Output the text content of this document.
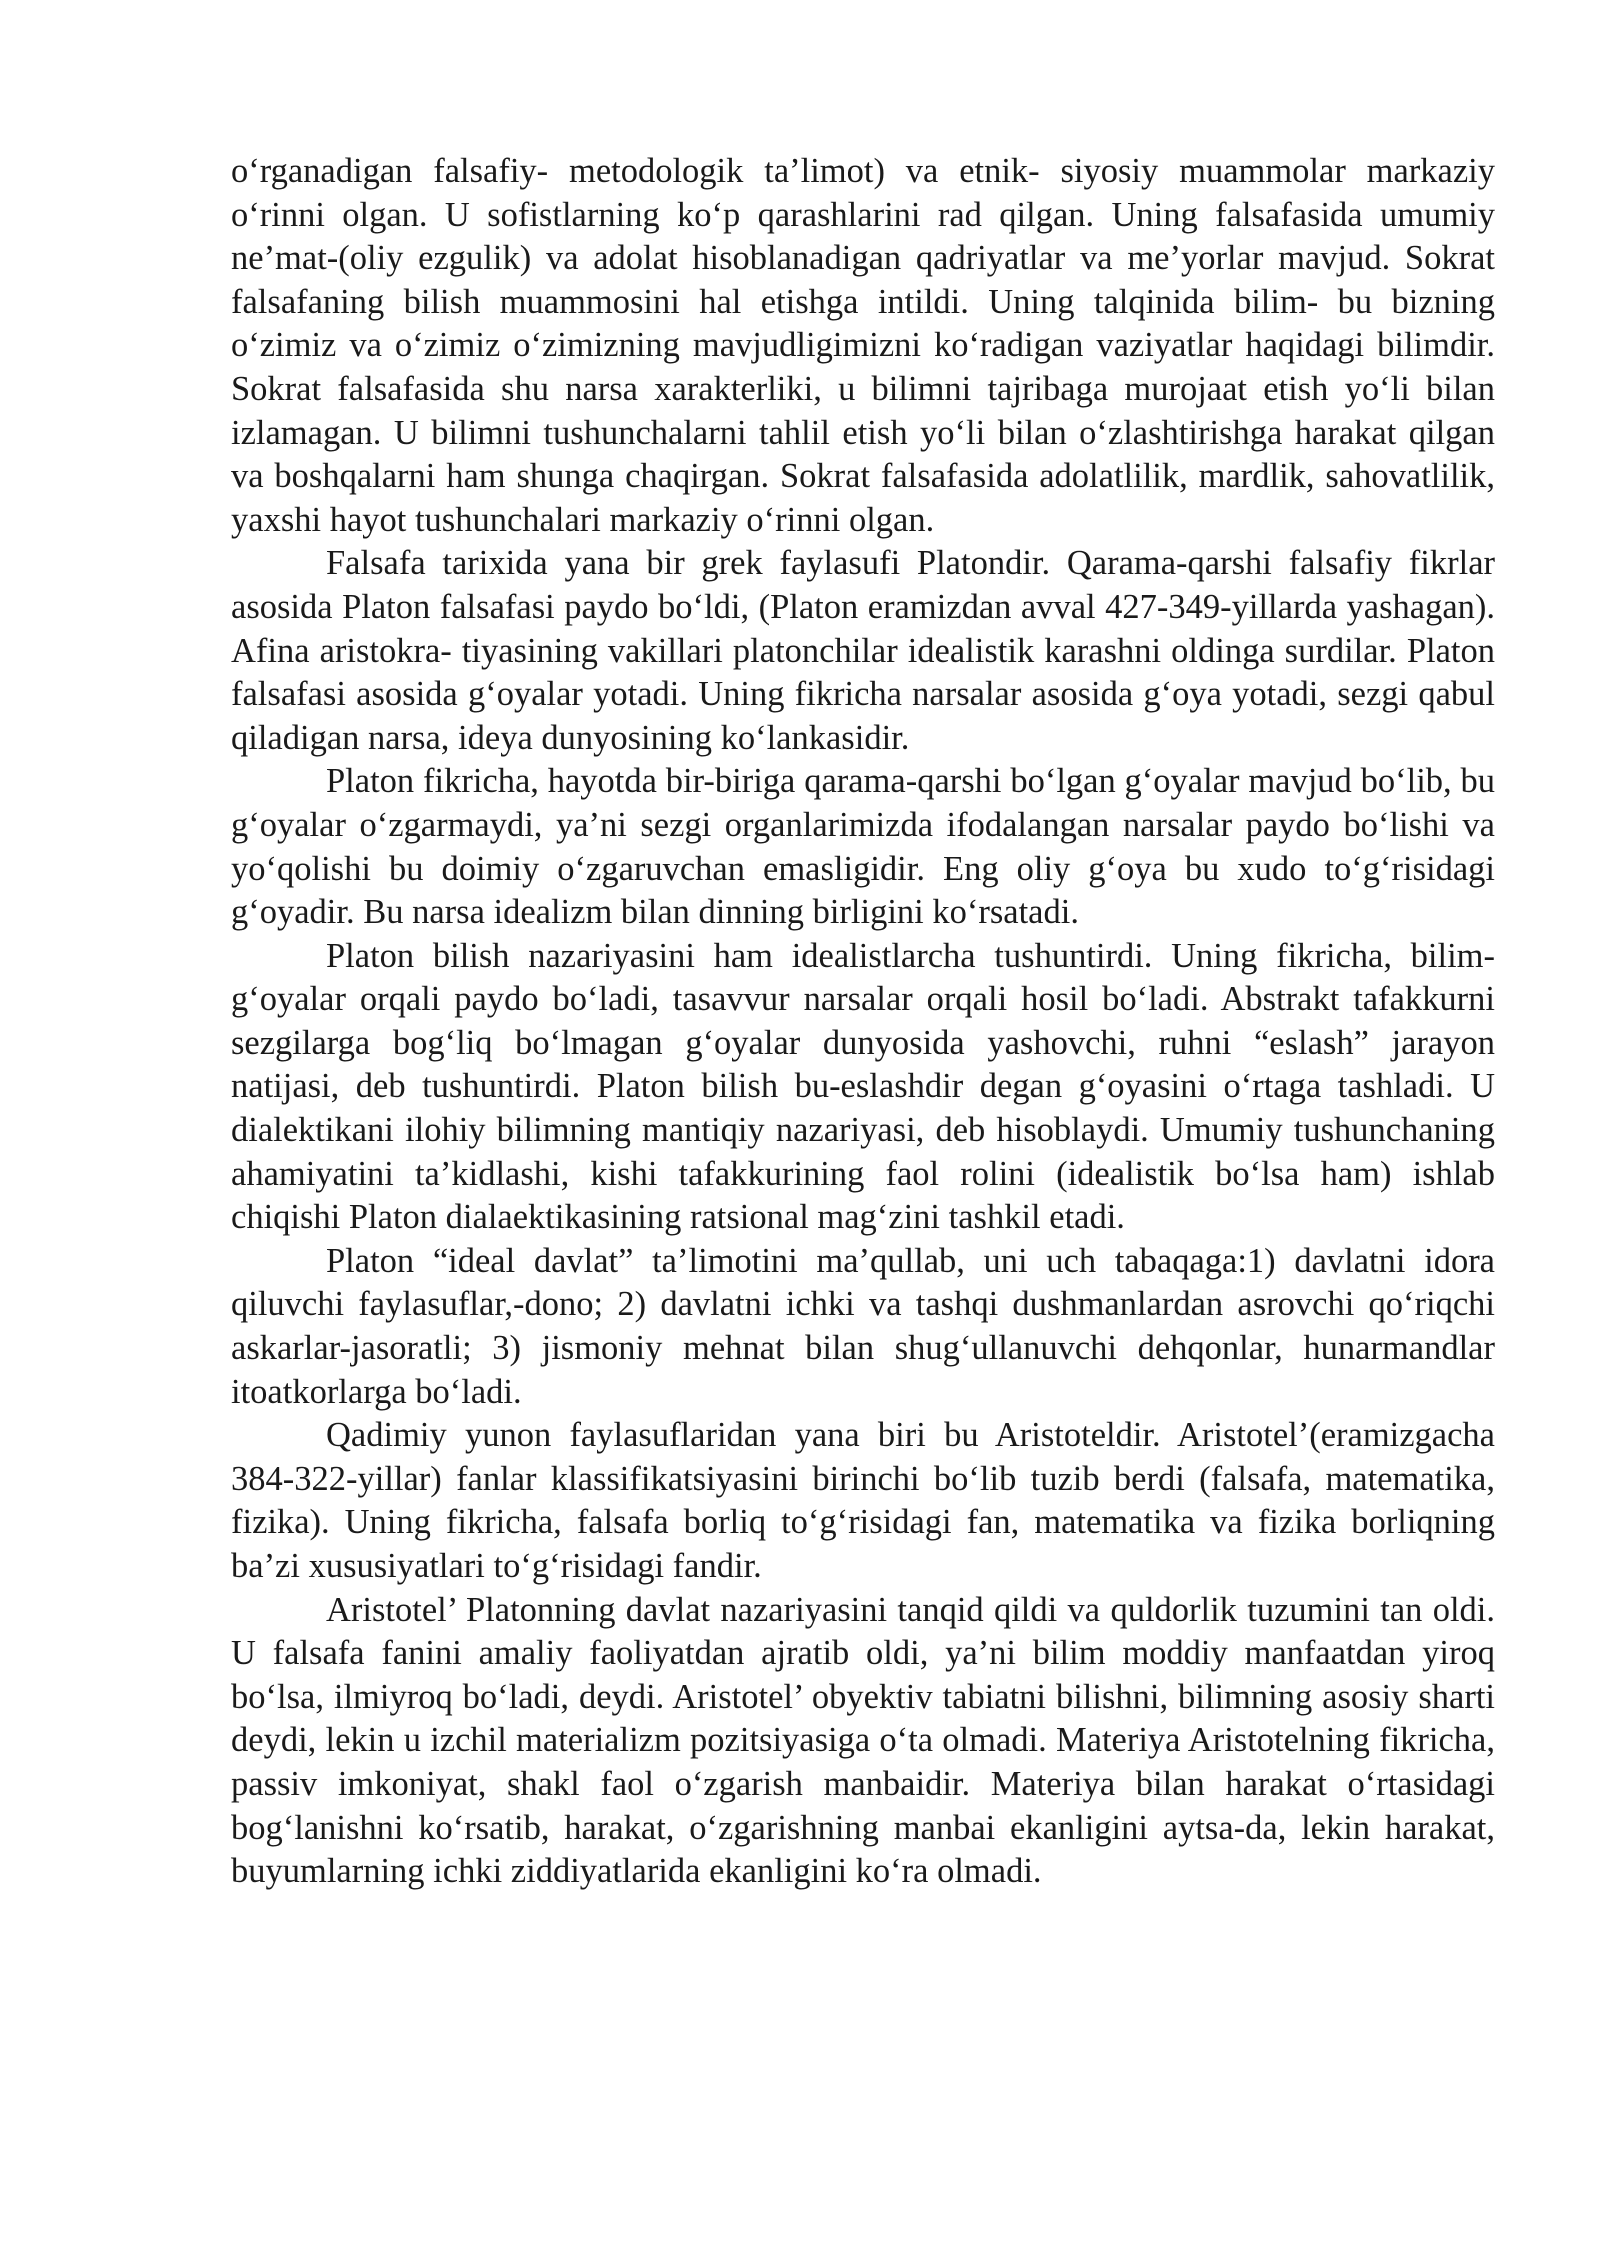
o‘rganadigan falsafiy- metodologik ta’limot) va etnik- siyosiy muammolar markaziy o‘rinni olgan. U sofistlarning ko‘p qarashlarini rad qilgan. Uning falsafasida umumiy ne’mat-(oliy ezgulik) va adolat hisoblanadigan qadriyatlar va me’yorlar mavjud. Sokrat falsafaning bilish muammosini hal etishga intildi. Uning talqinida bilim- bu bizning o‘zimiz va o‘zimiz o‘zimizning mavjudligimizni ko‘radigan vaziyatlar haqidagi bilimdir. Sokrat falsafasida shu narsa xarakterliki, u bilimni tajribaga murojaat etish yo‘li bilan izlamagan. U bilimni tushunchalarni tahlil etish yo‘li bilan o‘zlashtirishga harakat qilgan va boshqalarni ham shunga chaqirgan. Sokrat falsafasida adolatlilik, mardlik, sahovatlilik, yaxshi hayot tushunchalari markaziy o‘rinni olgan.

Falsafa tarixida yana bir grek faylasufi Platondir. Qarama-qarshi falsafiy fikrlar asosida Platon falsafasi paydo bo‘ldi, (Platon eramizdan avval 427-349-yillarda yashagan). Afina aristokra- tiyasining vakillari platonchilar idealistik karashni oldinga surdilar. Platon falsafasi asosida g‘oyalar yotadi. Uning fikricha narsalar asosida g‘oya yotadi, sezgi qabul qiladigan narsa, ideya dunyosining ko‘lankasidir.

Platon fikricha, hayotda bir-biriga qarama-qarshi bo‘lgan g‘oyalar mavjud bo‘lib, bu g‘oyalar o‘zgarmaydi, ya’ni sezgi organlarimizda ifodalangan narsalar paydo bo‘lishi va yo‘qolishi bu doimiy o‘zgaruvchan emasligidir. Eng oliy g‘oya bu xudo to‘g‘risidagi g‘oyadir. Bu narsa idealizm bilan dinning birligini ko‘rsatadi.

Platon bilish nazariyasini ham idealistlarcha tushuntirdi. Uning fikricha, bilim-g‘oyalar orqali paydo bo‘ladi, tasavvur narsalar orqali hosil bo‘ladi. Abstrakt tafakkurni sezgilarga bog‘liq bo‘lmagan g‘oyalar dunyosida yashovchi, ruhni “eslash” jarayon natijasi, deb tushuntirdi. Platon bilish bu-eslashdir degan g‘oyasini o‘rtaga tashladi. U dialektikani ilohiy bilimning mantiqiy nazariyasi, deb hisoblaydi. Umumiy tushunchaning ahamiyatini ta’kidlashi, kishi tafakkurining faol rolini (idealistik bo‘lsa ham) ishlab chiqishi Platon dialaektikasining ratsional mag‘zini tashkil etadi.

Platon “ideal davlat” ta’limotini ma’qullab, uni uch tabaqaga:1) davlatni idora qiluvchi faylasuflar,-dono; 2) davlatni ichki va tashqi dushmanlardan asrovchi qo‘riqchi askarlar-jasoratli; 3) jismoniy mehnat bilan shug‘ullanuvchi dehqonlar, hunarmandlar itoatkorlarga bo‘ladi.

Qadimiy yunon faylasuflaridan yana biri bu Aristoteldir. Aristotel’(eramizgacha 384-322-yillar) fanlar klassifikatsiyasini birinchi bo‘lib tuzib berdi (falsafa, matematika, fizika). Uning fikricha, falsafa borliq to‘g‘risidagi fan, matematika va fizika borliqning ba’zi xususiyatlari to‘g‘risidagi fandir.

Aristotel’ Platonning davlat nazariyasini tanqid qildi va quldorlik tuzumini tan oldi. U falsafa fanini amaliy faoliyatdan ajratib oldi, ya’ni bilim moddiy manfaatdan yiroq bo‘lsa, ilmiyroq bo‘ladi, deydi. Aristotel’ obyektiv tabiatni bilishni, bilimning asosiy sharti deydi, lekin u izchil materializm pozitsiyasiga o‘ta olmadi. Materiya Aristotelning fikricha, passiv imkoniyat, shakl faol o‘zgarish manbaidir. Materiya bilan harakat o‘rtasidagi bog‘lanishni ko‘rsatib, harakat, o‘zgarishning manbai ekanligini aytsa-da, lekin harakat, buyumlarning ichki ziddiyatlarida ekanligini ko‘ra olmadi.
